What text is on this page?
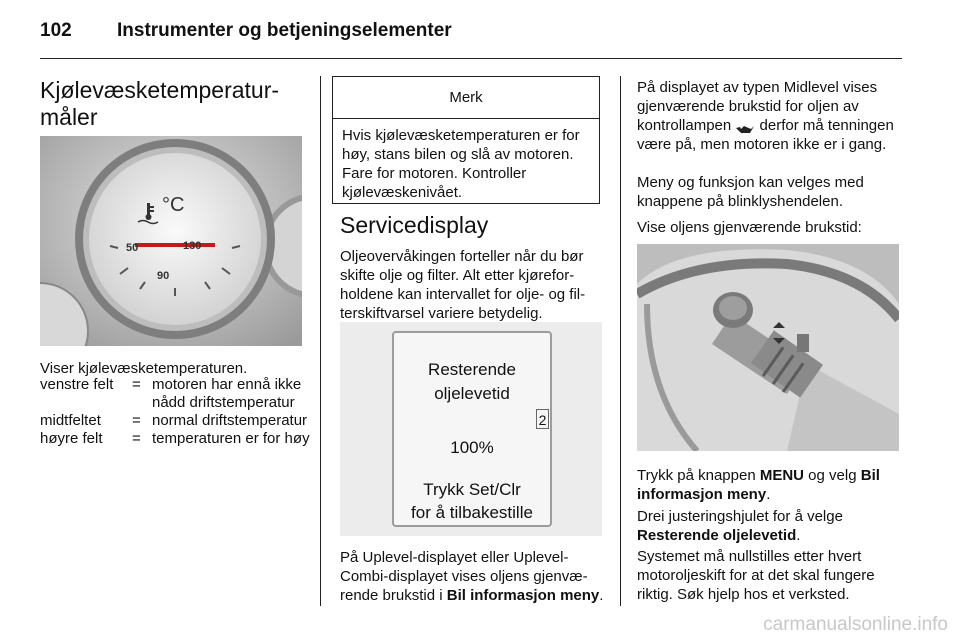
102 Instrumenter og betjeningselementer
Kjølevæsketemperatur-
måler
°C
50
90
130

Viser kjølevæsketemperaturen.

venstre felt	= motoren har ennå ikke nådd driftstemperatur
midtfeltet	= normal driftstemperatur
høyre felt	= temperaturen er for høy
Merk
Hvis kjølevæsketemperaturen er for høy, stans bilen og slå av motoren. Fare for motoren. Kontroller kjølevæskenivået.
Servicedisplay

Oljeovervåkingen forteller når du bør skifte olje og filter. Alt etter kjøreforholdene kan intervallet for olje- og filterskiftvarsel variere betydelig.

Resterende
oljelevetid
2
100%
Trykk Set/Clr
for å tilbakestille

På Uplevel-displayet eller Uplevel-Combi-displayet vises oljens gjenværende brukstid i Bil informasjon meny.

På displayet av typen Midlevel vises gjenværende brukstid for oljen av kontrollampen  derfor må tenningen være på, men motoren ikke er i gang.

Meny og funksjon kan velges med knappene på blinklyshendelen.

Vise oljens gjenværende brukstid:

Trykk på knappen MENU og velg Bil informasjon meny.

Drei justeringshjulet for å velge Resterende oljelevetid.

Systemet må nullstilles etter hvert motoroljeskift for at det skal fungere riktig. Søk hjelp hos et verksted.

carmanualsonline.info
